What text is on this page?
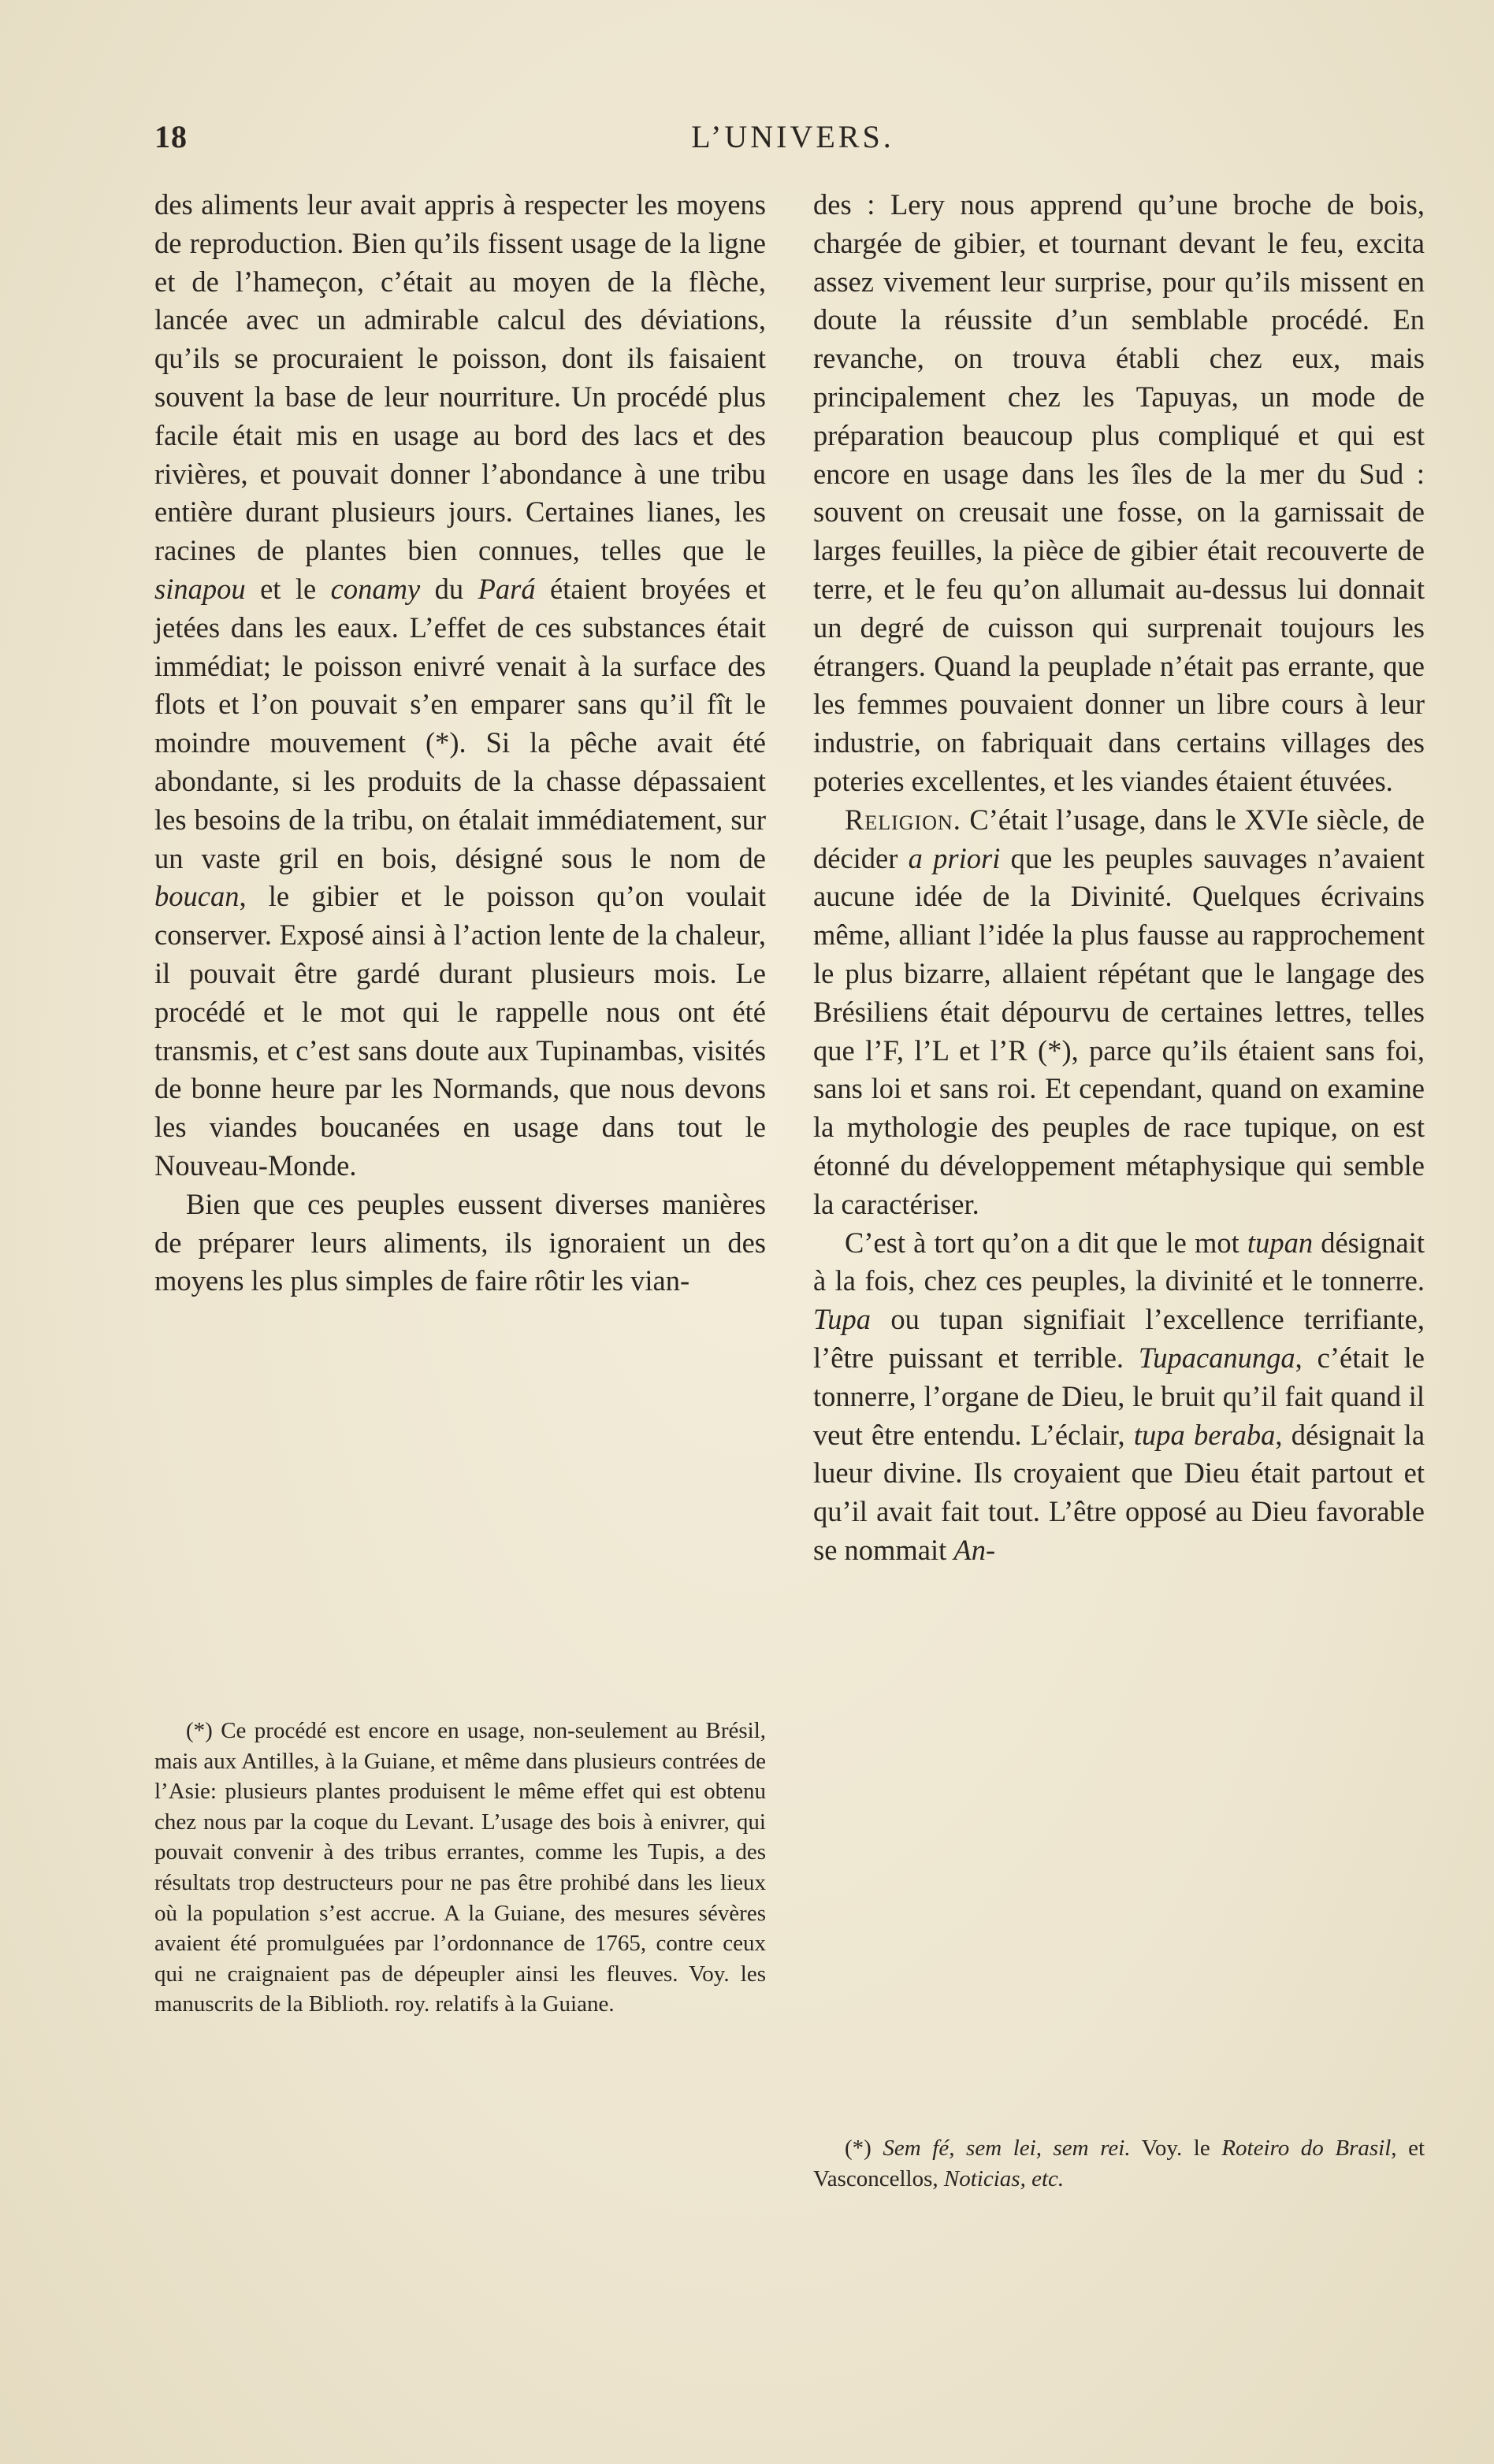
18	L’UNIVERS.

des aliments leur avait appris à respecter les moyens de reproduction. Bien qu’ils fissent usage de la ligne et de l’hameçon, c’était au moyen de la flèche, lancée avec un admirable calcul des déviations, qu’ils se procuraient le poisson, dont ils faisaient souvent la base de leur nourriture. Un procédé plus facile était mis en usage au bord des lacs et des rivières, et pouvait donner l’abondance à une tribu entière durant plusieurs jours. Certaines lianes, les racines de plantes bien connues, telles que le sinapou et le conamy du Pará étaient broyées et jetées dans les eaux. L’effet de ces substances était immédiat; le poisson enivré venait à la surface des flots et l’on pouvait s’en emparer sans qu’il fît le moindre mouvement (*). Si la pêche avait été abondante, si les produits de la chasse dépassaient les besoins de la tribu, on étalait immédiatement, sur un vaste gril en bois, désigné sous le nom de boucan, le gibier et le poisson qu’on voulait conserver. Exposé ainsi à l’action lente de la chaleur, il pouvait être gardé durant plusieurs mois. Le procédé et le mot qui le rappelle nous ont été transmis, et c’est sans doute aux Tupinambas, visités de bonne heure par les Normands, que nous devons les viandes boucanées en usage dans tout le Nouveau-Monde.

Bien que ces peuples eussent diverses manières de préparer leurs aliments, ils ignoraient un des moyens les plus simples de faire rôtir les vian-

(*) Ce procédé est encore en usage, non-seulement au Brésil, mais aux Antilles, à la Guiane, et même dans plusieurs contrées de l’Asie: plusieurs plantes produisent le même effet qui est obtenu chez nous par la coque du Levant. L’usage des bois à enivrer, qui pouvait convenir à des tribus errantes, comme les Tupis, a des résultats trop destructeurs pour ne pas être prohibé dans les lieux où la population s’est accrue. A la Guiane, des mesures sévères avaient été promulguées par l’ordonnance de 1765, contre ceux qui ne craignaient pas de dépeupler ainsi les fleuves. Voy. les manuscrits de la Biblioth. roy. relatifs à la Guiane.

des : Lery nous apprend qu’une broche de bois, chargée de gibier, et tournant devant le feu, excita assez vivement leur surprise, pour qu’ils missent en doute la réussite d’un semblable procédé. En revanche, on trouva établi chez eux, mais principalement chez les Tapuyas, un mode de préparation beaucoup plus compliqué et qui est encore en usage dans les îles de la mer du Sud : souvent on creusait une fosse, on la garnissait de larges feuilles, la pièce de gibier était recouverte de terre, et le feu qu’on allumait au-dessus lui donnait un degré de cuisson qui surprenait toujours les étrangers. Quand la peuplade n’était pas errante, que les femmes pouvaient donner un libre cours à leur industrie, on fabriquait dans certains villages des poteries excellentes, et les viandes étaient étuvées.

Religion. C’était l’usage, dans le XVIe siècle, de décider a priori que les peuples sauvages n’avaient aucune idée de la Divinité. Quelques écrivains même, alliant l’idée la plus fausse au rapprochement le plus bizarre, allaient répétant que le langage des Brésiliens était dépourvu de certaines lettres, telles que l’F, l’L et l’R (*), parce qu’ils étaient sans foi, sans loi et sans roi. Et cependant, quand on examine la mythologie des peuples de race tupique, on est étonné du développement métaphysique qui semble la caractériser.

C’est à tort qu’on a dit que le mot tupan désignait à la fois, chez ces peuples, la divinité et le tonnerre. Tupa ou tupan signifiait l’excellence terrifiante, l’être puissant et terrible. Tupacanunga, c’était le tonnerre, l’organe de Dieu, le bruit qu’il fait quand il veut être entendu. L’éclair, tupa beraba, désignait la lueur divine. Ils croyaient que Dieu était partout et qu’il avait fait tout. L’être opposé au Dieu favorable se nommait An-

(*) Sem fé, sem lei, sem rei. Voy. le Roteiro do Brasil, et Vasconcellos, Noticias, etc.
